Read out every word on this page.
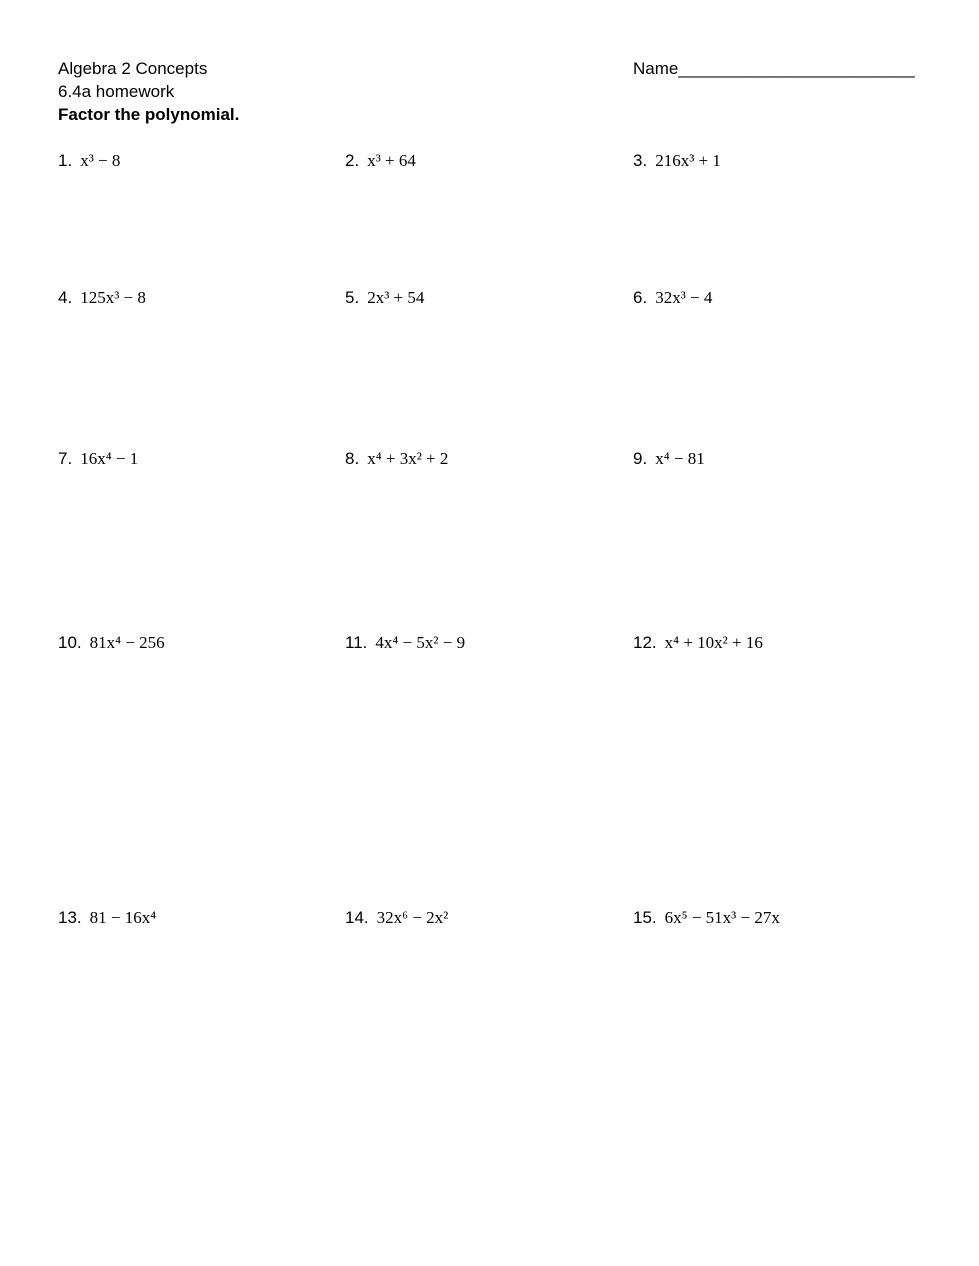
Algebra 2 Concepts
6.4a homework
Factor the polynomial.
Name_________________________
1. x³ − 8	2. x³ + 64	3. 216x³ + 1
4. 125x³ − 8	5. 2x³ + 54	6. 32x³ − 4
7. 16x⁴ − 1	8. x⁴ + 3x² + 2	9. x⁴ − 81
10. 81x⁴ − 256	11. 4x⁴ − 5x² − 9	12. x⁴ + 10x² + 16
13. 81 − 16x⁴	14. 32x⁶ − 2x²	15. 6x⁵ − 51x³ − 27x
